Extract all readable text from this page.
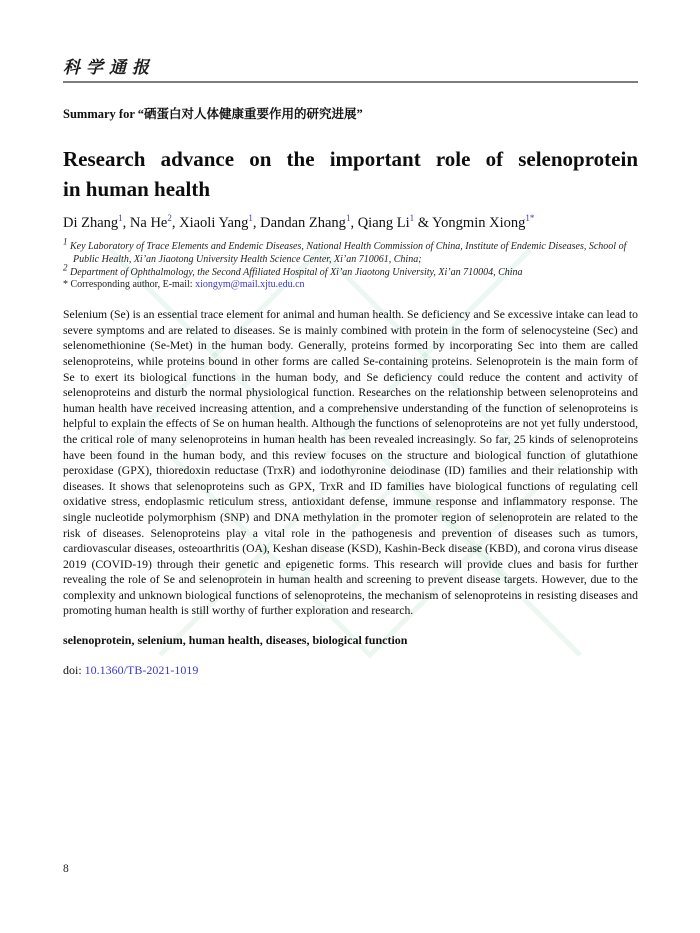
科学通报
Summary for “硒蛋白对人体健康重要作用的研究进展”
Research advance on the important role of selenoprotein
in human health

Di Zhang$^1$, Na He$^2$, Xiaoli Yang$^1$, Dandan Zhang$^1$, Qiang Li$^1$ & Yongmin Xiong$^{1*}$

$^1$ Key Laboratory of Trace Elements and Endemic Diseases, National Health Commission of China, Institute of Endemic Diseases, School of Public Health, Xi’an Jiaotong University Health Science Center, Xi’an 710061, China;
$^2$ Department of Ophthalmology, the Second Affiliated Hospital of Xi’an Jiaotong University, Xi’an 710004, China
* Corresponding author, E-mail: xiongym@mail.xjtu.edu.cn

Selenium (Se) is an essential trace element for animal and human health. Se deficiency and Se excessive intake can lead to severe symptoms and are related to diseases. Se is mainly combined with protein in the form of selenocysteine (Sec) and selenomethionine (Se-Met) in the human body. Generally, proteins formed by incorporating Sec into them are called selenoproteins, while proteins bound in other forms are called Se-containing proteins. Selenoprotein is the main form of Se to exert its biological functions in the human body, and Se deficiency could reduce the content and activity of selenoproteins and disturb the normal physiological function. Researches on the relationship between selenoproteins and human health have received increasing attention, and a comprehensive understanding of the function of selenoproteins is helpful to explain the effects of Se on human health. Although the functions of selenoproteins are not yet fully understood, the critical role of many selenoproteins in human health has been revealed increasingly. So far, 25 kinds of selenoproteins have been found in the human body, and this review focuses on the structure and biological function of glutathione peroxidase (GPX), thioredoxin reductase (TrxR) and iodothyronine deiodinase (ID) families and their relationship with diseases. It shows that selenoproteins such as GPX, TrxR and ID families have biological functions of regulating cell oxidative stress, endoplasmic reticulum stress, antioxidant defense, immune response and inflammatory response. The single nucleotide polymorphism (SNP) and DNA methylation in the promoter region of selenoprotein are related to the risk of diseases. Selenoproteins play a vital role in the pathogenesis and prevention of diseases such as tumors, cardiovascular diseases, osteoarthritis (OA), Keshan disease (KSD), Kashin-Beck disease (KBD), and corona virus disease 2019 (COVID-19) through their genetic and epigenetic forms. This research will provide clues and basis for further revealing the role of Se and selenoprotein in human health and screening to prevent disease targets. However, due to the complexity and unknown biological functions of selenoproteins, the mechanism of selenoproteins in resisting diseases and promoting human health is still worthy of further exploration and research.

selenoprotein, selenium, human health, diseases, biological function

doi: 10.1360/TB-2021-1019

8
